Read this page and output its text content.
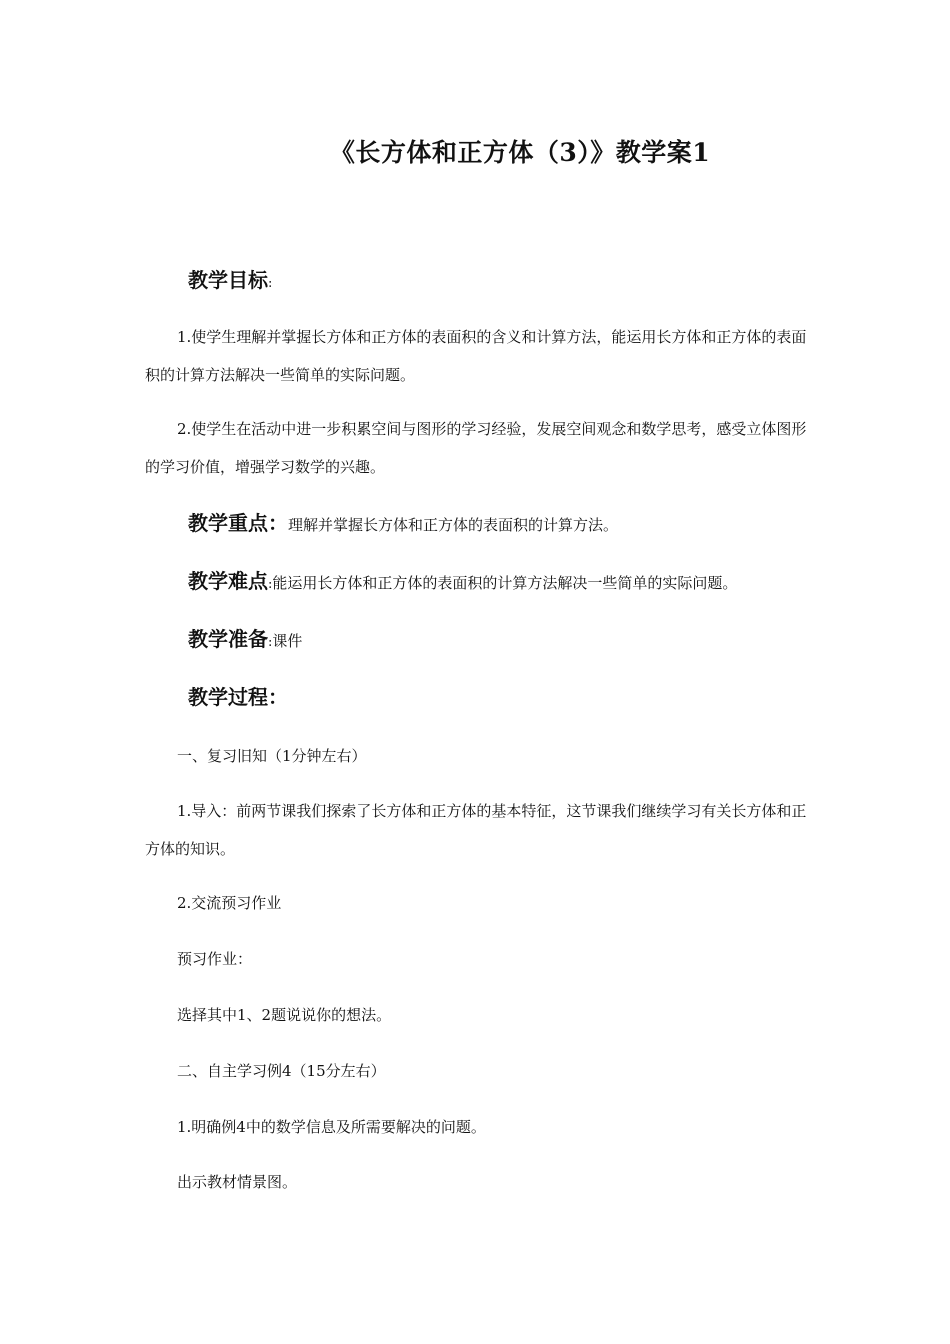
《长方体和正方体（3）》教学案1
教学目标:
1.使学生理解并掌握长方体和正方体的表面积的含义和计算方法，能运用长方体和正方体的表面积的计算方法解决一些简单的实际问题。
2.使学生在活动中进一步积累空间与图形的学习经验，发展空间观念和数学思考，感受立体图形的学习价值，增强学习数学的兴趣。
教学重点：理解并掌握长方体和正方体的表面积的计算方法。
教学难点:能运用长方体和正方体的表面积的计算方法解决一些简单的实际问题。
教学准备:课件
教学过程：
一、复习旧知（1分钟左右）
1.导入：前两节课我们探索了长方体和正方体的基本特征，这节课我们继续学习有关长方体和正方体的知识。
2.交流预习作业
预习作业：
选择其中1、2题说说你的想法。
二、自主学习例4（15分左右）
1.明确例4中的数学信息及所需要解决的问题。
出示教材情景图。
